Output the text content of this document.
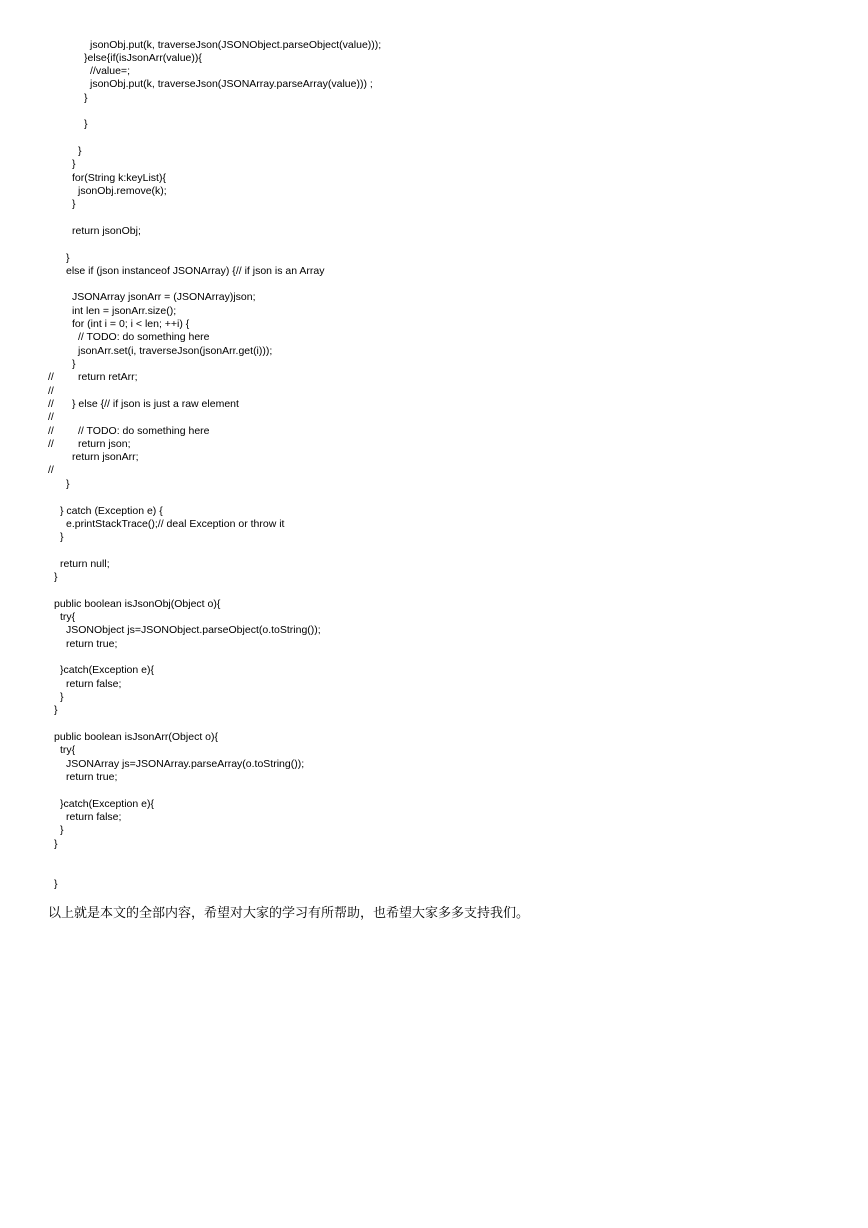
jsonObj.put(k, traverseJson(JSONObject.parseObject(value)));
}else{if(isJsonArr(value)){
//value=;
jsonObj.put(k, traverseJson(JSONArray.parseArray(value))) ;
}
}
}
}
for(String k:keyList){
jsonObj.remove(k);
}
return jsonObj;
}
else if (json instanceof JSONArray) {// if json is an Array
JSONArray jsonArr = (JSONArray)json;
int len = jsonArr.size();
for (int i = 0; i < len; ++i) {
// TODO: do something here
jsonArr.set(i, traverseJson(jsonArr.get(i)));
}
return retArr;
} else {// if json is just a raw element
// TODO: do something here
return json;
return jsonArr;
}
} catch (Exception e) {
e.printStackTrace();// deal Exception or throw it
}
return null;
}
public boolean isJsonObj(Object o){
try{
JSONObject js=JSONObject.parseObject(o.toString());
return true;
}catch(Exception e){
return false;
}
}
public boolean isJsonArr(Object o){
try{
JSONArray js=JSONArray.parseArray(o.toString());
return true;
}catch(Exception e){
return false;
}
}
}
//
//
//
//
//
//
//
以上就是本文的全部内容，希望对大家的学习有所帮助，也希望大家多多支持我们。
